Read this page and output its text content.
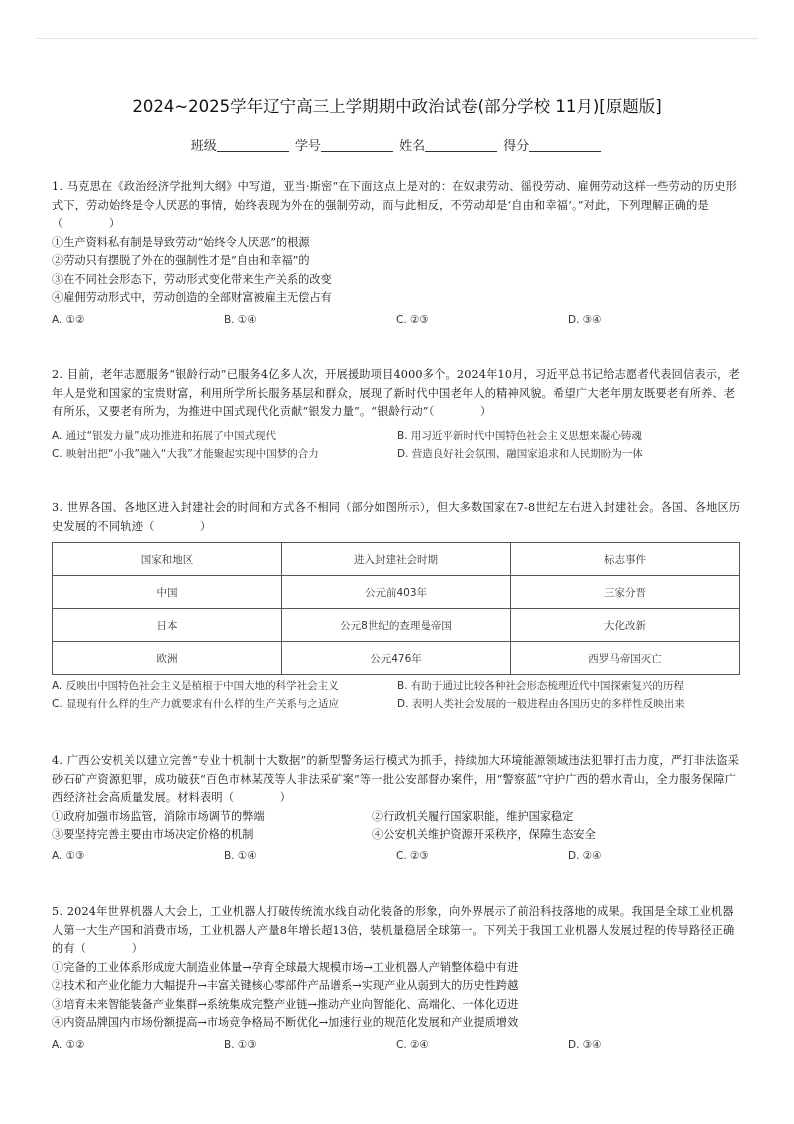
2024~2025学年辽宁高三上学期期中政治试卷(部分学校 11月)[原题版]
班级	学号	姓名	得分

1. 马克思在《政治经济学批判大纲》中写道，亚当·斯密“在下面这点上是对的：在奴隶劳动、徭役劳动、雇佣劳动这样一些劳动的历史形式下，劳动始终是令人厌恶的事情，始终表现为外在的强制劳动，而与此相反，不劳动却是‘自由和幸福’。”对此，下列理解正确的是（　　　　）

①生产资料私有制是导致劳动“始终令人厌恶”的根源

②劳动只有摆脱了外在的强制性才是“自由和幸福”的

③在不同社会形态下，劳动形式变化带来生产关系的改变

④雇佣劳动形式中，劳动创造的全部财富被雇主无偿占有

A. ①②	B. ①④	C. ②③	D. ③④

2. 目前，老年志愿服务“银龄行动”已服务4亿多人次，开展援助项目4000多个。2024年10月，习近平总书记给志愿者代表回信表示，老年人是党和国家的宝贵财富，利用所学所长服务基层和群众，展现了新时代中国老年人的精神风貌。希望广大老年朋友既要老有所养、老有所乐，又要老有所为，为推进中国式现代化贡献“银发力量”。“银龄行动”（　　　　）

A. 通过“银发力量”成功推进和拓展了中国式现代	B. 用习近平新时代中国特色社会主义思想来凝心铸魂
C. 映射出把“小我”融入“大我”才能聚起实现中国梦的合力	D. 营造良好社会氛围、融国家追求和人民期盼为一体

3. 世界各国、各地区进入封建社会的时间和方式各不相同（部分如图所示），但大多数国家在7-8世纪左右进入封建社会。各国、各地区历史发展的不同轨迹（　　　　）

国家和地区	进入封建社会时期	标志事件
中国	公元前403年	三家分晋
日本	公元8世纪的查理曼帝国	大化改新
欧洲	公元476年	西罗马帝国灭亡
A. 反映出中国特色社会主义是植根于中国大地的科学社会主义	B. 有助于通过比较各种社会形态梳理近代中国探索复兴的历程
C. 显现有什么样的生产力就要求有什么样的生产关系与之适应	D. 表明人类社会发展的一般进程由各国历史的多样性反映出来

4. 广西公安机关以建立完善“专业十机制十大数据”的新型警务运行模式为抓手，持续加大环境能源领域违法犯罪打击力度，严打非法盗采砂石矿产资源犯罪，成功破获“百色市林某茂等人非法采矿案”等一批公安部督办案件，用“警察蓝”守护广西的碧水青山，全力服务保障广西经济社会高质量发展。材料表明（　　　　）

①政府加强市场监管，消除市场调节的弊端	②行政机关履行国家职能，维护国家稳定
③要坚持完善主要由市场决定价格的机制	④公安机关维护资源开采秩序，保障生态安全
A. ①③	B. ①④	C. ②③	D. ②④

5. 2024年世界机器人大会上，工业机器人打破传统流水线自动化装备的形象，向外界展示了前沿科技落地的成果。我国是全球工业机器人第一大生产国和消费市场，工业机器人产量8年增长超13倍，装机量稳居全球第一。下列关于我国工业机器人发展过程的传导路径正确的有（　　　　）

①完备的工业体系形成庞大制造业体量→孕育全球最大规模市场→工业机器人产销整体稳中有进

②技术和产业化能力大幅提升→丰富关键核心零部件产品谱系→实现产业从弱到大的历史性跨越

③培育未来智能装备产业集群→系统集成完整产业链→推动产业向智能化、高端化、一体化迈进

④内资品牌国内市场份额提高→市场竞争格局不断优化→加速行业的规范化发展和产业提质增效

A. ①②	B. ①③	C. ②④	D. ③④
